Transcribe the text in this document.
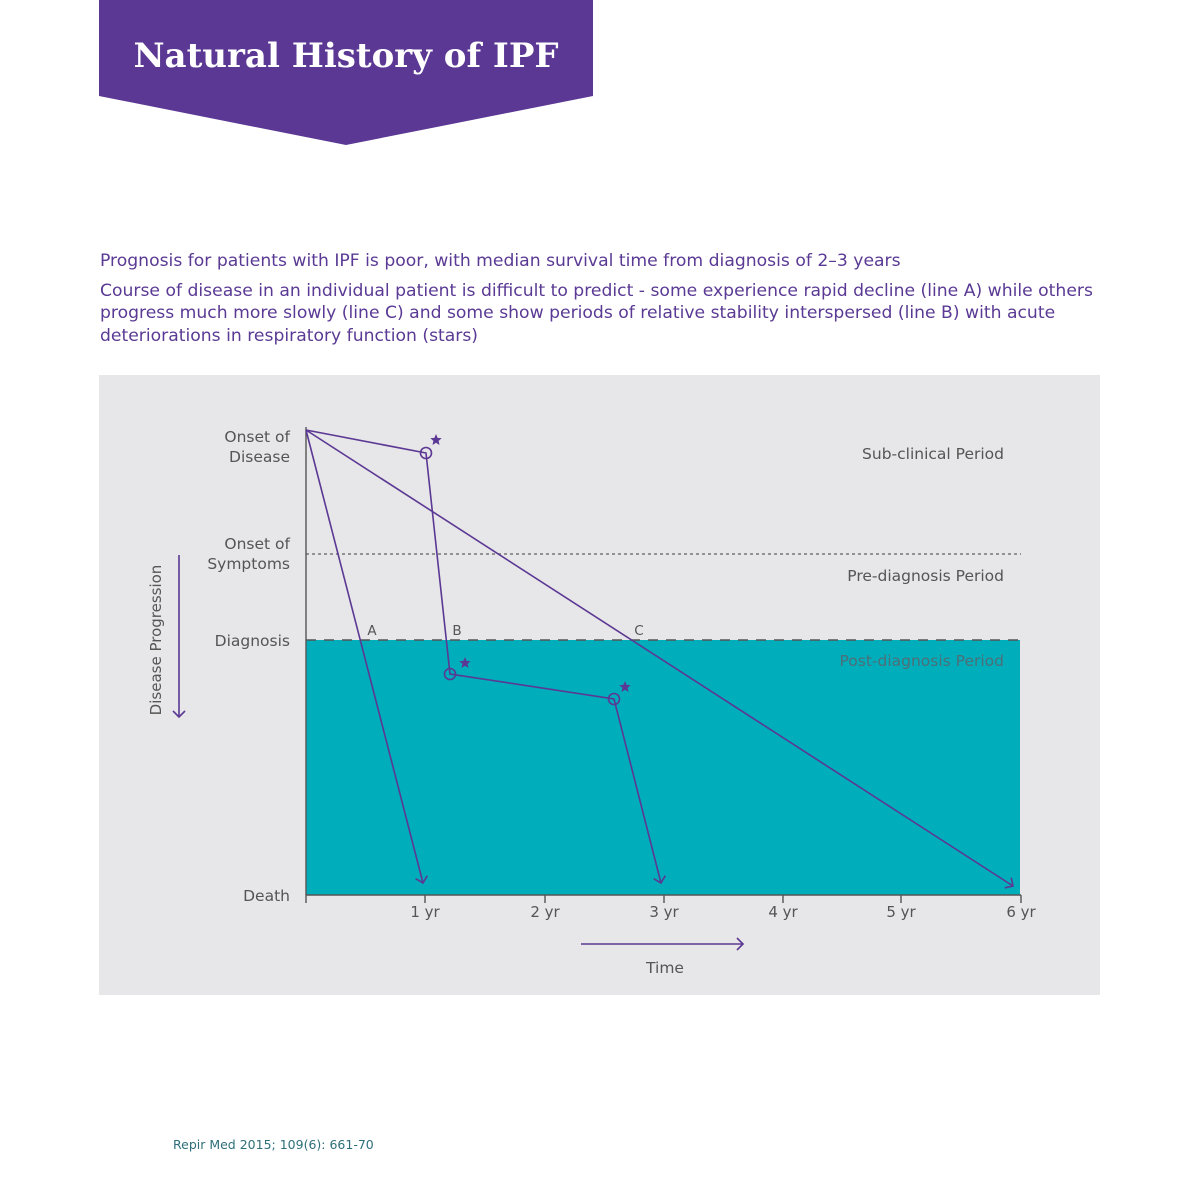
Natural History of IPF

Prognosis for patients with IPF is poor, with median survival time from diagnosis of 2–3 years

Course of disease in an individual patient is difficult to predict - some experience rapid decline (line A) while others progress much more slowly (line C) and some show periods of relative stability interspersed (line B) with acute deteriorations in respiratory function (stars)

1 yr	2 yr	3 yr	4 yr	5 yr	6 yr
Onset of
Disease
Onset of
Symptoms
Diagnosis
Death
Sub-clinical Period
Pre-diagnosis Period
Post-diagnosis Period
A	B	C
Disease Progression
Time
Repir Med 2015; 109(6): 661-70
